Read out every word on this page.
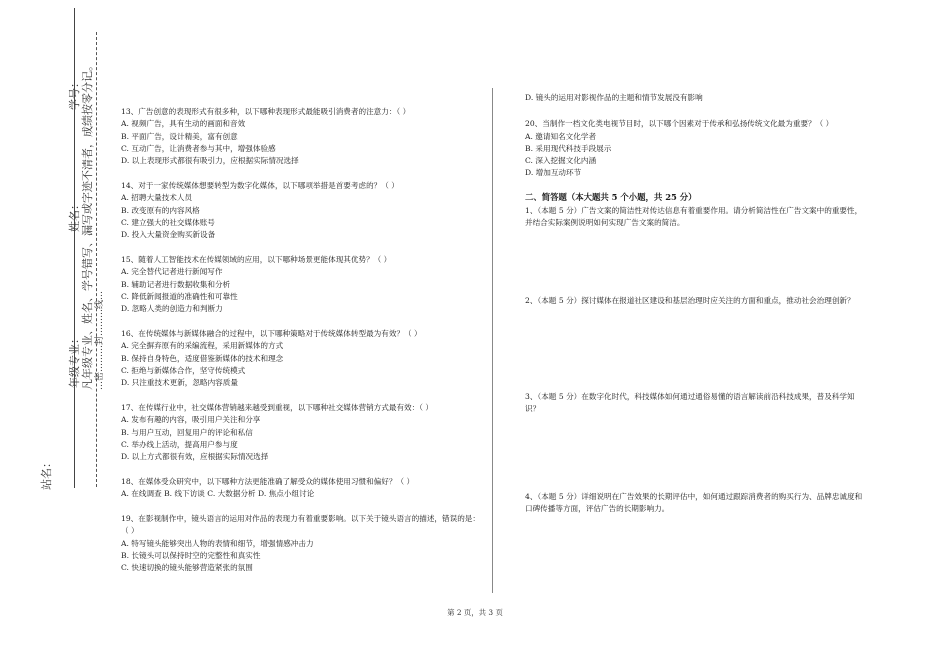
学号：
姓名：
年级专业：
站名：
凡年级专业、姓名、学号错写、漏写或字迹不清者，成绩按零分记。 …密………封………线…

13、广告创意的表现形式有很多种，以下哪种表现形式最能吸引消费者的注意力：（ ）

A. 视频广告，具有生动的画面和音效

B. 平面广告，设计精美，富有创意

C. 互动广告，让消费者参与其中，增强体验感

D. 以上表现形式都很有吸引力，应根据实际情况选择

14、对于一家传统媒体想要转型为数字化媒体，以下哪项举措是首要考虑的？（ ）

A. 招聘大量技术人员

B. 改变原有的内容风格

C. 建立强大的社交媒体账号

D. 投入大量资金购买新设备

15、随着人工智能技术在传媒领域的应用，以下哪种场景更能体现其优势？（ ）

A. 完全替代记者进行新闻写作

B. 辅助记者进行数据收集和分析

C. 降低新闻报道的准确性和可靠性

D. 忽略人类的创造力和判断力

16、在传统媒体与新媒体融合的过程中，以下哪种策略对于传统媒体转型最为有效？（ ）

A. 完全摒弃原有的采编流程，采用新媒体的方式

B. 保持自身特色，适度借鉴新媒体的技术和理念

C. 拒绝与新媒体合作，坚守传统模式

D. 只注重技术更新，忽略内容质量

17、在传媒行业中，社交媒体营销越来越受到重视，以下哪种社交媒体营销方式最有效：（ ）

A. 发布有趣的内容，吸引用户关注和分享

B. 与用户互动，回复用户的评论和私信

C. 举办线上活动，提高用户参与度

D. 以上方式都很有效，应根据实际情况选择

18、在媒体受众研究中，以下哪种方法更能准确了解受众的媒体使用习惯和偏好？（ ）

A. 在线调查 B. 线下访谈 C. 大数据分析 D. 焦点小组讨论

19、在影视制作中，镜头语言的运用对作品的表现力有着重要影响。以下关于镜头语言的描述，错误的是：（ ）

A. 特写镜头能够突出人物的表情和细节，增强情感冲击力

B. 长镜头可以保持时空的完整性和真实性

C. 快速切换的镜头能够营造紧张的氛围

D. 镜头的运用对影视作品的主题和情节发展没有影响

20、当制作一档文化类电视节目时，以下哪个因素对于传承和弘扬传统文化最为重要？（ ）

A. 邀请知名文化学者

B. 采用现代科技手段展示

C. 深入挖掘文化内涵

D. 增加互动环节

二、简答题（本大题共 5 个小题，共 25 分）

1、（本题 5 分）广告文案的简洁性对传达信息有着重要作用。请分析简洁性在广告文案中的重要性，并结合实际案例说明如何实现广告文案的简洁。

2、（本题 5 分）探讨媒体在报道社区建设和基层治理时应关注的方面和重点，推动社会治理创新？

3、（本题 5 分）在数字化时代，科技媒体如何通过通俗易懂的语言解读前沿科技成果，普及科学知识？

4、（本题 5 分）详细说明在广告效果的长期评估中，如何通过跟踪消费者的购买行为、品牌忠诚度和口碑传播等方面，评估广告的长期影响力。

第 2 页，共 3 页
